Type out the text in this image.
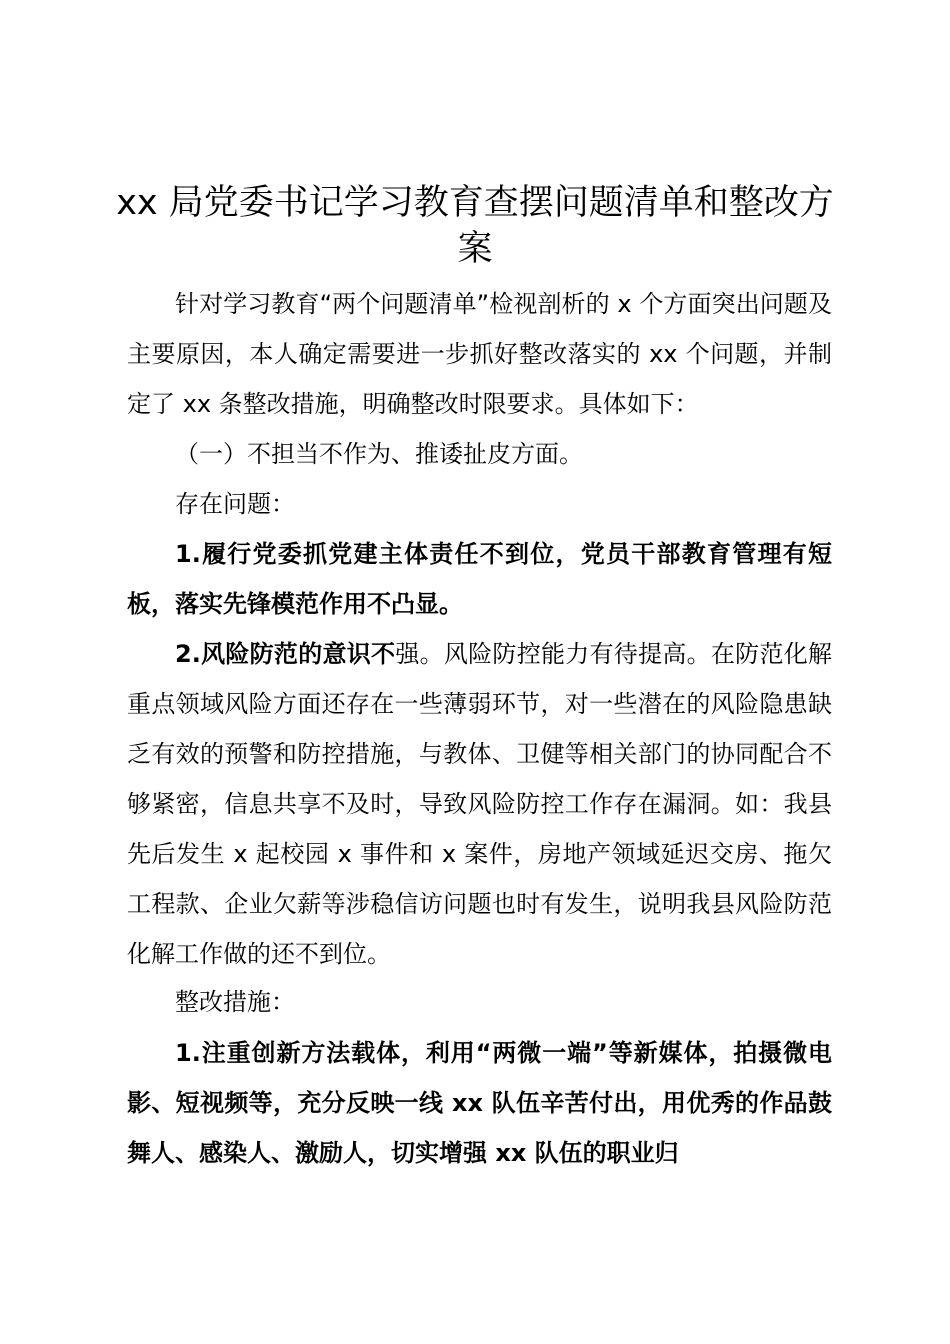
xx 局党委书记学习教育查摆问题清单和整改方案

针对学习教育“两个问题清单”检视剖析的 x 个方面突出问题及主要原因，本人确定需要进一步抓好整改落实的 xx 个问题，并制定了 xx 条整改措施，明确整改时限要求。具体如下：

（一）不担当不作为、推诿扯皮方面。

存在问题：

1.履行党委抓党建主体责任不到位，党员干部教育管理有短板，落实先锋模范作用不凸显。

2.风险防范的意识不强。风险防控能力有待提高。在防范化解重点领域风险方面还存在一些薄弱环节，对一些潜在的风险隐患缺乏有效的预警和防控措施，与教体、卫健等相关部门的协同配合不够紧密，信息共享不及时，导致风险防控工作存在漏洞。如：我县先后发生 x 起校园 x 事件和 x 案件，房地产领域延迟交房、拖欠工程款、企业欠薪等涉稳信访问题也时有发生，说明我县风险防范化解工作做的还不到位。

整改措施：

1.注重创新方法载体，利用“两微一端”等新媒体，拍摄微电影、短视频等，充分反映一线 xx 队伍辛苦付出，用优秀的作品鼓舞人、感染人、激励人，切实增强 xx 队伍的职业归
